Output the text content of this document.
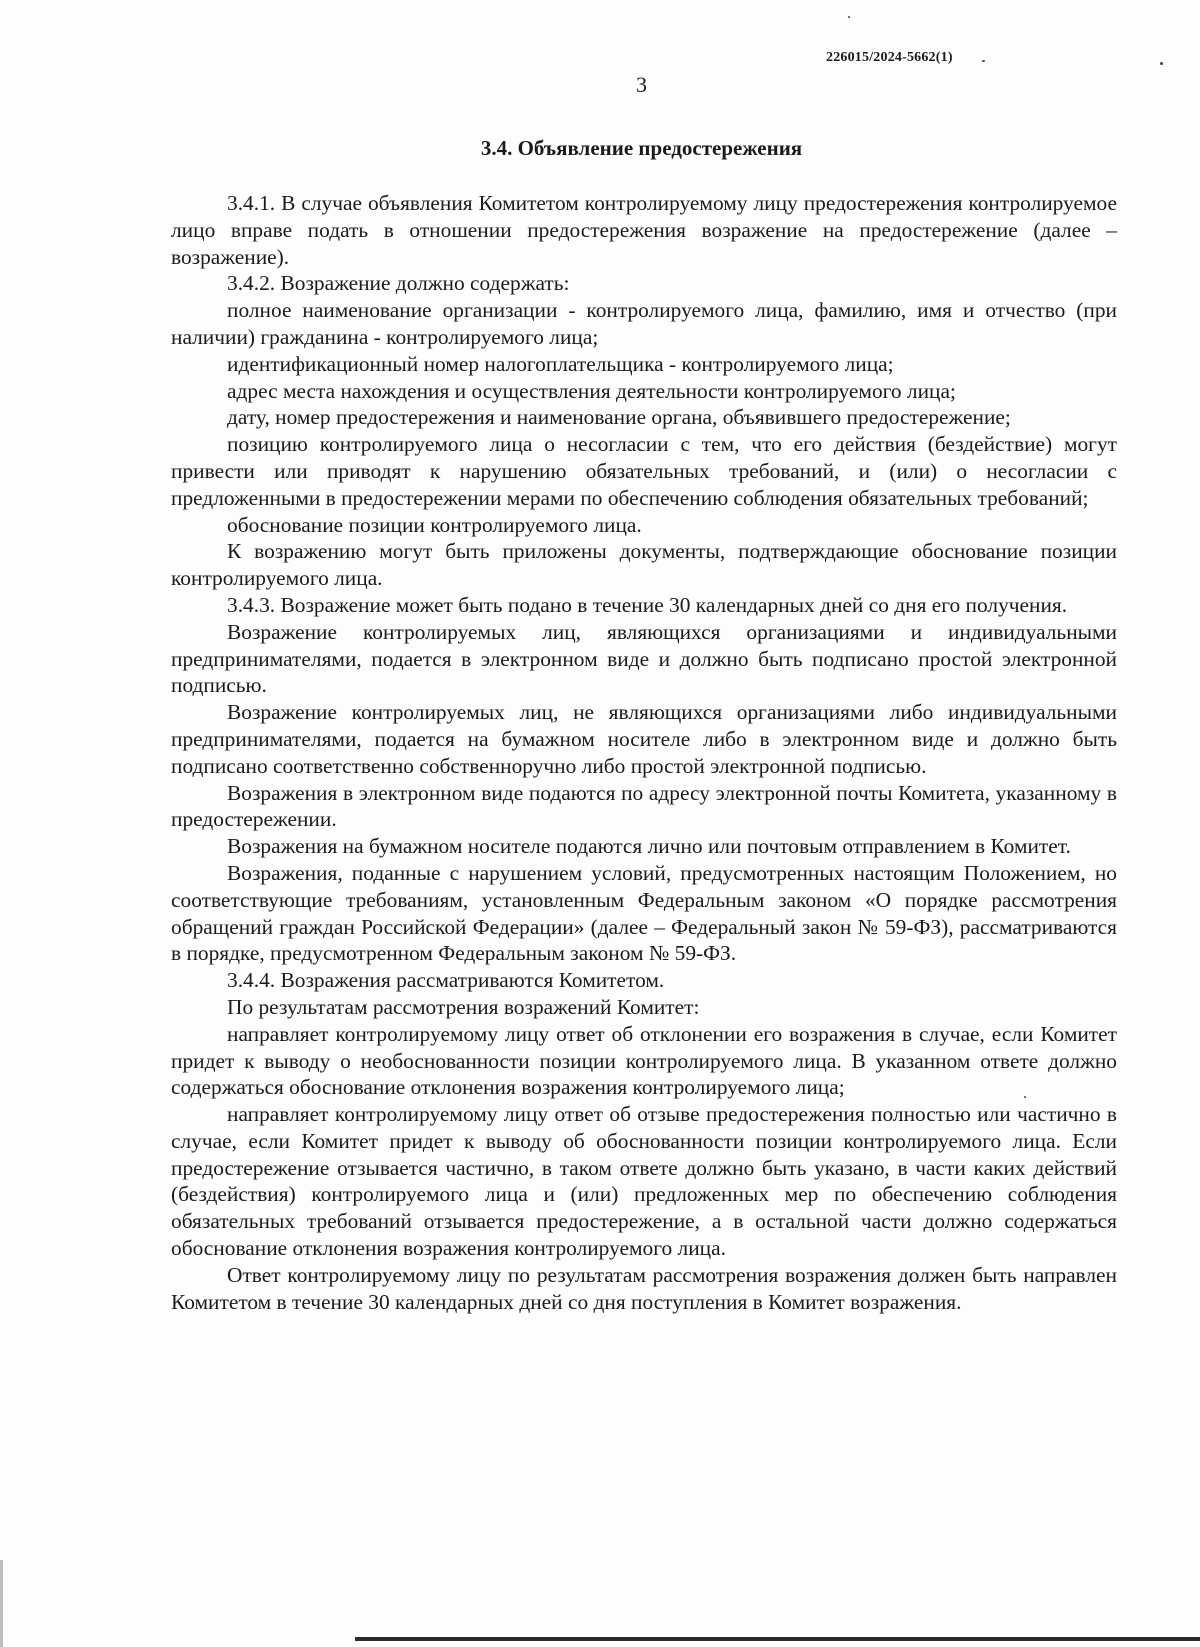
226015/2024-5662(1)
3
3.4. Объявление предостережения

3.4.1. В случае объявления Комитетом контролируемому лицу предостережения контролируемое лицо вправе подать в отношении предостережения возражение на предостережение (далее – возражение).

3.4.2. Возражение должно содержать:

полное наименование организации - контролируемого лица, фамилию, имя и отчество (при наличии) гражданина - контролируемого лица;

идентификационный номер налогоплательщика - контролируемого лица;

адрес места нахождения и осуществления деятельности контролируемого лица;

дату, номер предостережения и наименование органа, объявившего предостережение;

позицию контролируемого лица о несогласии с тем, что его действия (бездействие) могут привести или приводят к нарушению обязательных требований, и (или) о несогласии с предложенными в предостережении мерами по обеспечению соблюдения обязательных требований;

обоснование позиции контролируемого лица.

К возражению могут быть приложены документы, подтверждающие обоснование позиции контролируемого лица.

3.4.3. Возражение может быть подано в течение 30 календарных дней со дня его получения.

Возражение контролируемых лиц, являющихся организациями и индивидуальными предпринимателями, подается в электронном виде и должно быть подписано простой электронной подписью.

Возражение контролируемых лиц, не являющихся организациями либо индивидуальными предпринимателями, подается на бумажном носителе либо в электронном виде и должно быть подписано соответственно собственноручно либо простой электронной подписью.

Возражения в электронном виде подаются по адресу электронной почты Комитета, указанному в предостережении.

Возражения на бумажном носителе подаются лично или почтовым отправлением в Комитет.

Возражения, поданные с нарушением условий, предусмотренных настоящим Положением, но соответствующие требованиям, установленным Федеральным законом «О порядке рассмотрения обращений граждан Российской Федерации» (далее – Федеральный закон № 59-ФЗ), рассматриваются в порядке, предусмотренном Федеральным законом № 59-ФЗ.

3.4.4. Возражения рассматриваются Комитетом.

По результатам рассмотрения возражений Комитет:

направляет контролируемому лицу ответ об отклонении его возражения в случае, если Комитет придет к выводу о необоснованности позиции контролируемого лица. В указанном ответе должно содержаться обоснование отклонения возражения контролируемого лица;

направляет контролируемому лицу ответ об отзыве предостережения полностью или частично в случае, если Комитет придет к выводу об обоснованности позиции контролируемого лица. Если предостережение отзывается частично, в таком ответе должно быть указано, в части каких действий (бездействия) контролируемого лица и (или) предложенных мер по обеспечению соблюдения обязательных требований отзывается предостережение, а в остальной части должно содержаться обоснование отклонения возражения контролируемого лица.

Ответ контролируемому лицу по результатам рассмотрения возражения должен быть направлен Комитетом в течение 30 календарных дней со дня поступления в Комитет возражения.
